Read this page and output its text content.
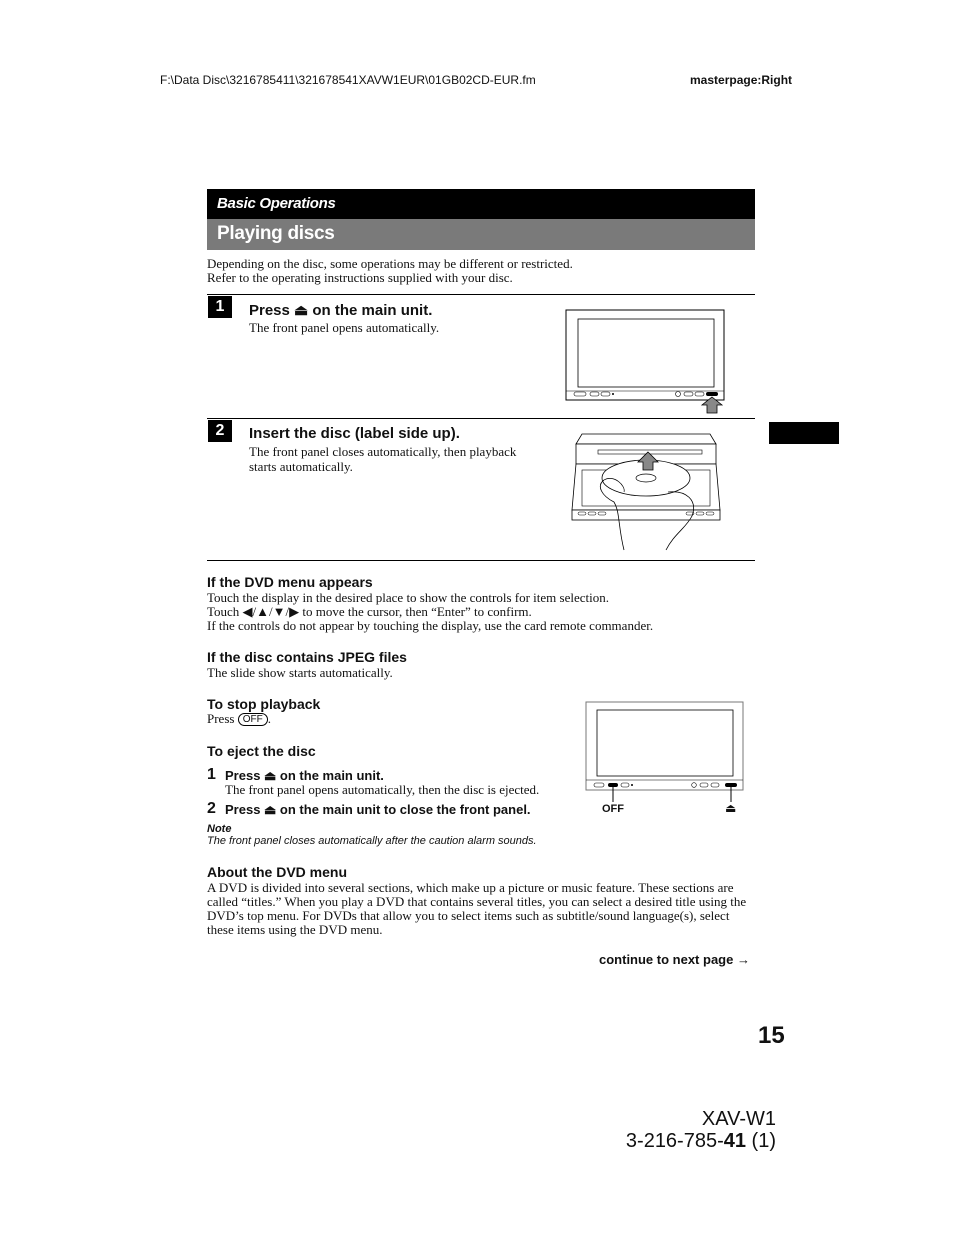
F:\Data Disc\3216785411\321678541XAVW1EUR\01GB02CD-EUR.fm	masterpage:Right
Basic Operations
Playing discs
Depending on the disc, some operations may be different or restricted.
Refer to the operating instructions supplied with your disc.
1	Press ⏏ on the main unit.
The front panel opens automatically.
2	Insert the disc (label side up).
The front panel closes automatically, then playback
starts automatically.
If the DVD menu appears
Touch the display in the desired place to show the controls for item selection.
Touch ◀/▲/▼/▶ to move the cursor, then “Enter” to confirm.
If the controls do not appear by touching the display, use the card remote commander.
If the disc contains JPEG files
The slide show starts automatically.
To stop playback
Press OFF .
To eject the disc
1 Press ⏏ on the main unit.
The front panel opens automatically, then the disc is ejected.
2 Press ⏏ on the main unit to close the front panel.
Note
The front panel closes automatically after the caution alarm sounds.
OFF	⏏
About the DVD menu
A DVD is divided into several sections, which make up a picture or music feature. These sections are
called “titles.” When you play a DVD that contains several titles, you can select a desired title using the
DVD’s top menu. For DVDs that allow you to select items such as subtitle/sound language(s), select
these items using the DVD menu.
continue to next page →
15
XAV-W1
3-216-785-41 (1)
